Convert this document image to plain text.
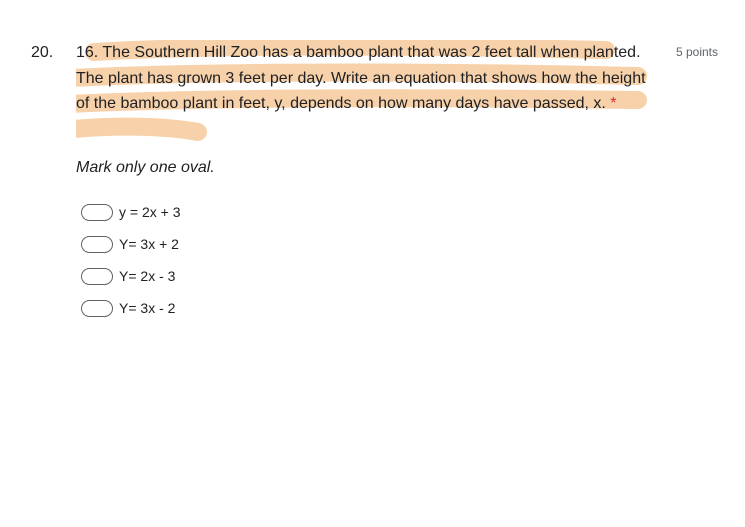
20.	5 points

16. The Southern Hill Zoo has a bamboo plant that was 2 feet tall when planted. The plant has grown 3 feet per day. Write an equation that shows how the height of the bamboo plant in feet, y, depends on how many days have passed, x. *

Mark only one oval.
y = 2x + 3
Y= 3x + 2
Y= 2x - 3
Y= 3x - 2
